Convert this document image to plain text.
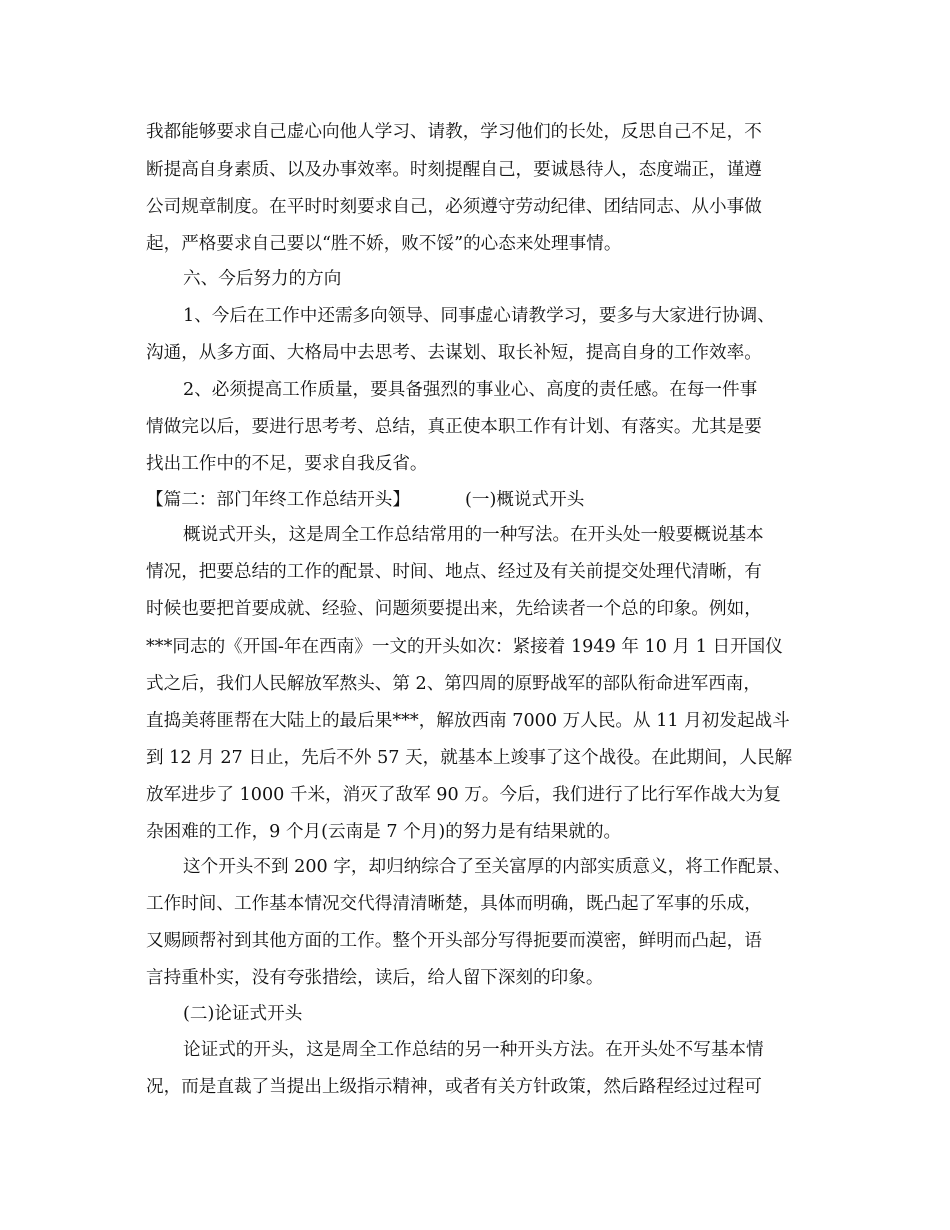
我都能够要求自己虚心向他人学习、请教，学习他们的长处，反思自己不足，不
断提高自身素质、以及办事效率。时刻提醒自己，要诚恳待人，态度端正，谨遵
公司规章制度。在平时时刻要求自己，必须遵守劳动纪律、团结同志、从小事做
起，严格要求自己要以“胜不娇，败不馁”的心态来处理事情。
六、今后努力的方向
1、今后在工作中还需多向领导、同事虚心请教学习，要多与大家进行协调、
沟通，从多方面、大格局中去思考、去谋划、取长补短，提高自身的工作效率。
2、必须提高工作质量，要具备强烈的事业心、高度的责任感。在每一件事
情做完以后，要进行思考考、总结，真正使本职工作有计划、有落实。尤其是要
找出工作中的不足，要求自我反省。
【篇二：部门年终工作总结开头】	(一)概说式开头
概说式开头，这是周全工作总结常用的一种写法。在开头处一般要概说基本
情况，把要总结的工作的配景、时间、地点、经过及有关前提交处理代清晰，有
时候也要把首要成就、经验、问题须要提出来，先给读者一个总的印象。例如，
***同志的《开国-年在西南》一文的开头如次：紧接着 1949 年 10 月 1 日开国仪
式之后，我们人民解放军熬头、第 2、第四周的原野战军的部队衔命进军西南，
直捣美蒋匪帮在大陆上的最后果***，解放西南 7000 万人民。从 11 月初发起战斗
到 12 月 27 日止，先后不外 57 天，就基本上竣事了这个战役。在此期间，人民解
放军进步了 1000 千米，消灭了敌军 90 万。今后，我们进行了比行军作战大为复
杂困难的工作，9 个月(云南是 7 个月)的努力是有结果就的。
这个开头不到 200 字，却归纳综合了至关富厚的内部实质意义，将工作配景、
工作时间、工作基本情况交代得清清晰楚，具体而明确，既凸起了军事的乐成，
又赐顾帮衬到其他方面的工作。整个开头部分写得扼要而漠密，鲜明而凸起，语
言持重朴实，没有夸张措绘，读后，给人留下深刻的印象。
(二)论证式开头
论证式的开头，这是周全工作总结的另一种开头方法。在开头处不写基本情
况，而是直裁了当提出上级指示精神，或者有关方针政策，然后路程经过过程可
